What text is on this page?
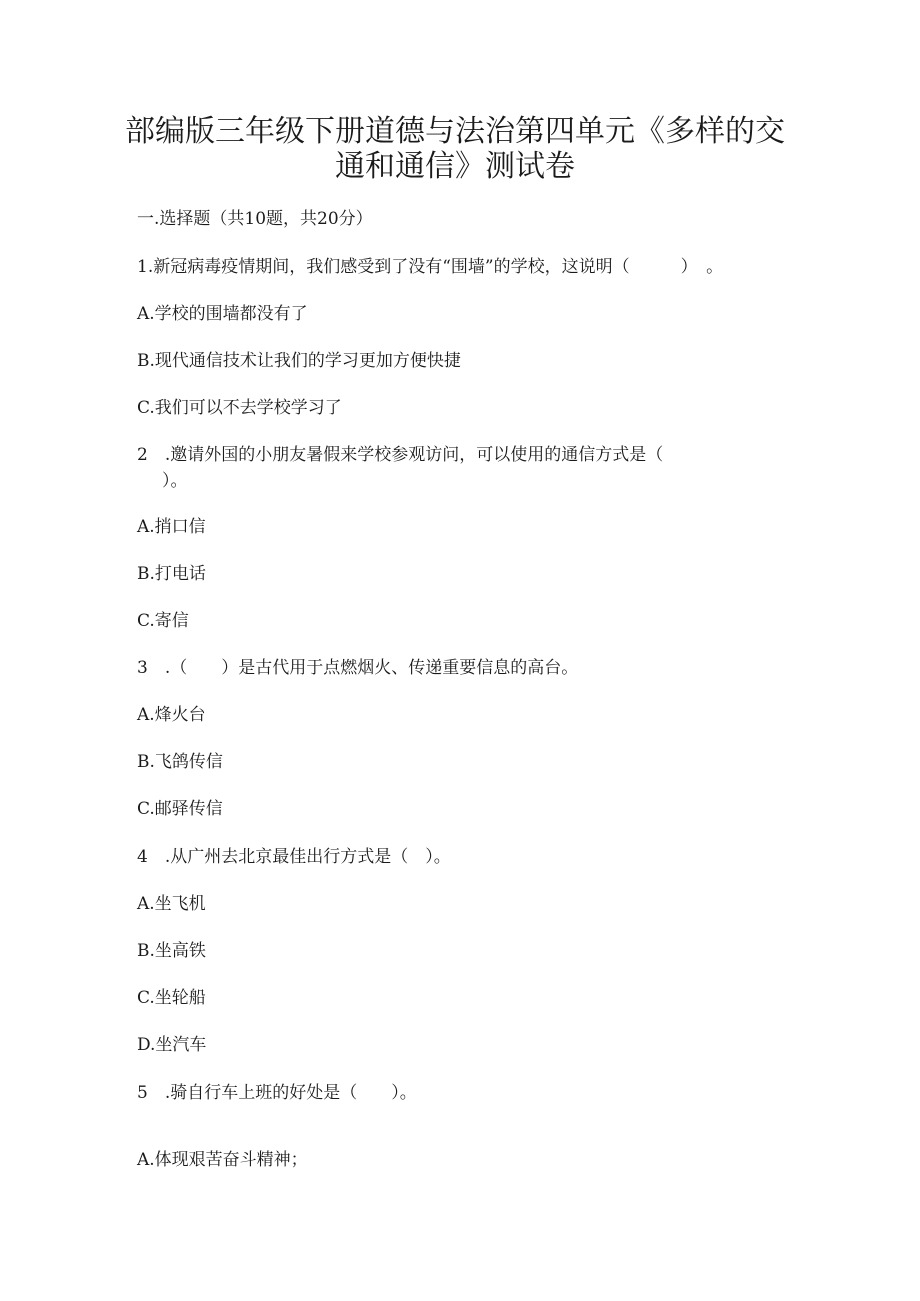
部编版三年级下册道德与法治第四单元《多样的交
通和通信》测试卷
一.选择题（共10题，共20分）
1.新冠病毒疫情期间，我们感受到了没有“围墙”的学校，这说明（　　　）　。
A.学校的围墙都没有了
B.现代通信技术让我们的学习更加方便快捷
C.我们可以不去学校学习了
2　.邀请外国的小朋友暑假来学校参观访问，可以使用的通信方式是（
　）。
A.捎口信
B.打电话
C.寄信
3　.（　　）是古代用于点燃烟火、传递重要信息的高台。
A.烽火台
B.飞鸽传信
C.邮驿传信
4　.从广州去北京最佳出行方式是（　）。
A.坐飞机
B.坐高铁
C.坐轮船
D.坐汽车
5　.骑自行车上班的好处是（　　）。
A.体现艰苦奋斗精神；
